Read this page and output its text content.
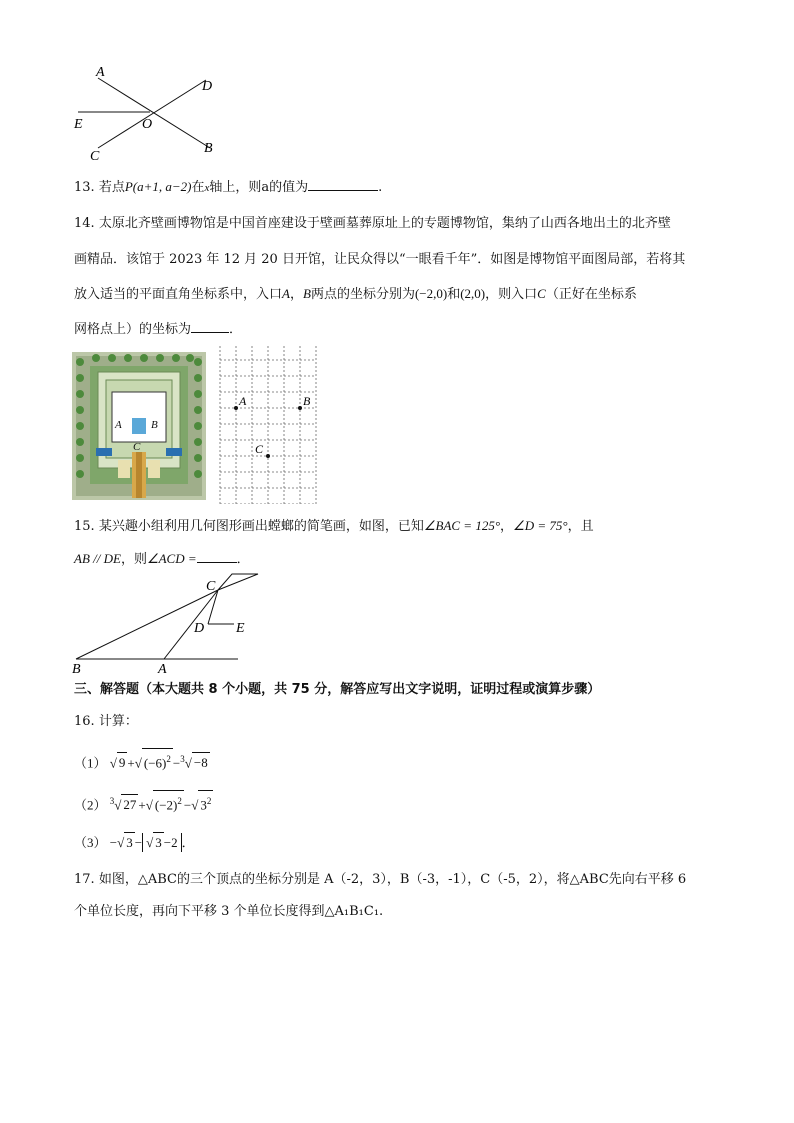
A
D
E	O
C
B
13. 若点P(a+1, a−2)在x轴上，则a的值为	.
14. 太原北齐壁画博物馆是中国首座建设于壁画墓葬原址上的专题博物馆，集纳了山西各地出土的北齐壁
画精品．该馆于 2023 年 12 月 20 日开馆，让民众得以“一眼看千年”．如图是博物馆平面图局部，若将其
放入适当的平面直角坐标系中，入口A，B两点的坐标分别为(−2,0)和(2,0)，则入口C（正好在坐标系
网格点上）的坐标为	．
A	B
C
A	B
C
15. 某兴趣小组利用几何图形画出螳螂的简笔画，如图，已知∠BAC = 125°，∠D = 75°，且
AB // DE，则∠ACD =	．
C
D E
B	A
三、解答题（本大题共 8 个小题，共 75 分，解答应写出文字说明，证明过程或演算步骤）
16. 计算：
（1） √ 9 +√ $(-6)^2 -^3√ -8$
（2） $^3$√ 27 +√ $(-2)^2$ −√ $3^2$
（3） −√ 3 − √ 3 −2 ．
17. 如图，△ABC的三个顶点的坐标分别是 A（-2，3），B（-3，-1），C（-5，2），将△ABC先向右平移 6
个单位长度，再向下平移 3 个单位长度得到△A₁B₁C₁.
